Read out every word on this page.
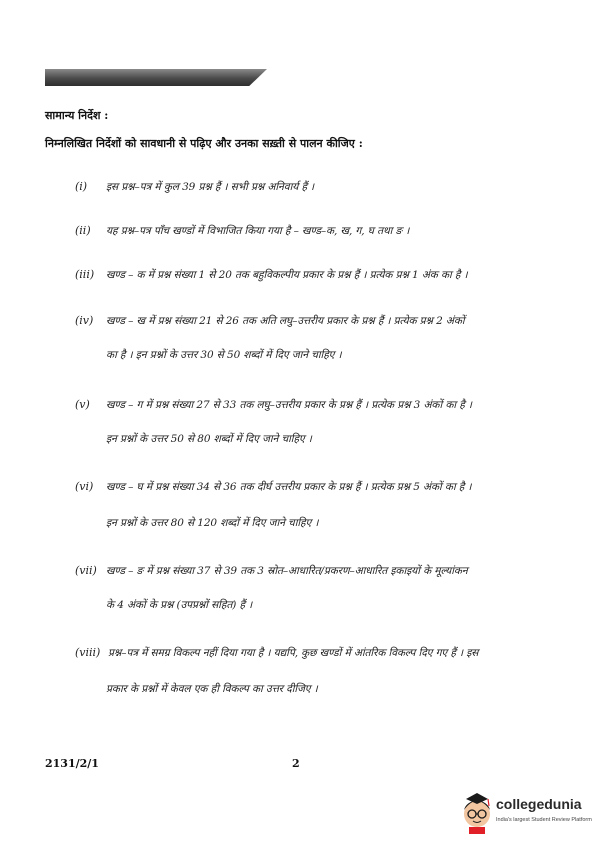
सामान्य निर्देश :
निम्नलिखित निर्देशों को सावधानी से पढ़िए और उनका सख़्ती से पालन कीजिए :
(i) इस प्रश्न–पत्र में कुल 39 प्रश्न हैं । सभी प्रश्न अनिवार्य हैं ।
(ii) यह प्रश्न–पत्र पाँच खण्डों में विभाजित किया गया है – खण्ड–क, ख, ग, घ तथा ङ ।
(iii) खण्ड – क में प्रश्न संख्या 1 से 20 तक बहुविकल्पीय प्रकार के प्रश्न हैं । प्रत्येक प्रश्न 1 अंक का है ।
(iv) खण्ड – ख में प्रश्न संख्या 21 से 26 तक अति लघु–उत्तरीय प्रकार के प्रश्न हैं । प्रत्येक प्रश्न 2 अंकों
का है । इन प्रश्नों के उत्तर 30 से 50 शब्दों में दिए जाने चाहिए ।
(v) खण्ड – ग में प्रश्न संख्या 27 से 33 तक लघु–उत्तरीय प्रकार के प्रश्न हैं । प्रत्येक प्रश्न 3 अंकों का है ।
इन प्रश्नों के उत्तर 50 से 80 शब्दों में दिए जाने चाहिए ।
(vi) खण्ड – घ में प्रश्न संख्या 34 से 36 तक दीर्घ उत्तरीय प्रकार के प्रश्न हैं । प्रत्येक प्रश्न 5 अंकों का है ।
इन प्रश्नों के उत्तर 80 से 120 शब्दों में दिए जाने चाहिए ।
(vii) खण्ड – ङ में प्रश्न संख्या 37 से 39 तक 3 स्रोत–आधारित/प्रकरण–आधारित इकाइयों के मूल्यांकन
के 4 अंकों के प्रश्न (उपप्रश्नों सहित) हैं ।
(viii) प्रश्न–पत्र में समग्र विकल्प नहीं दिया गया है । यद्यपि, कुछ खण्डों में आंतरिक विकल्प दिए गए हैं । इस
प्रकार के प्रश्नों में केवल एक ही विकल्प का उत्तर दीजिए ।
2131/2/1	2
collegedunia
India's largest Student Review Platform
